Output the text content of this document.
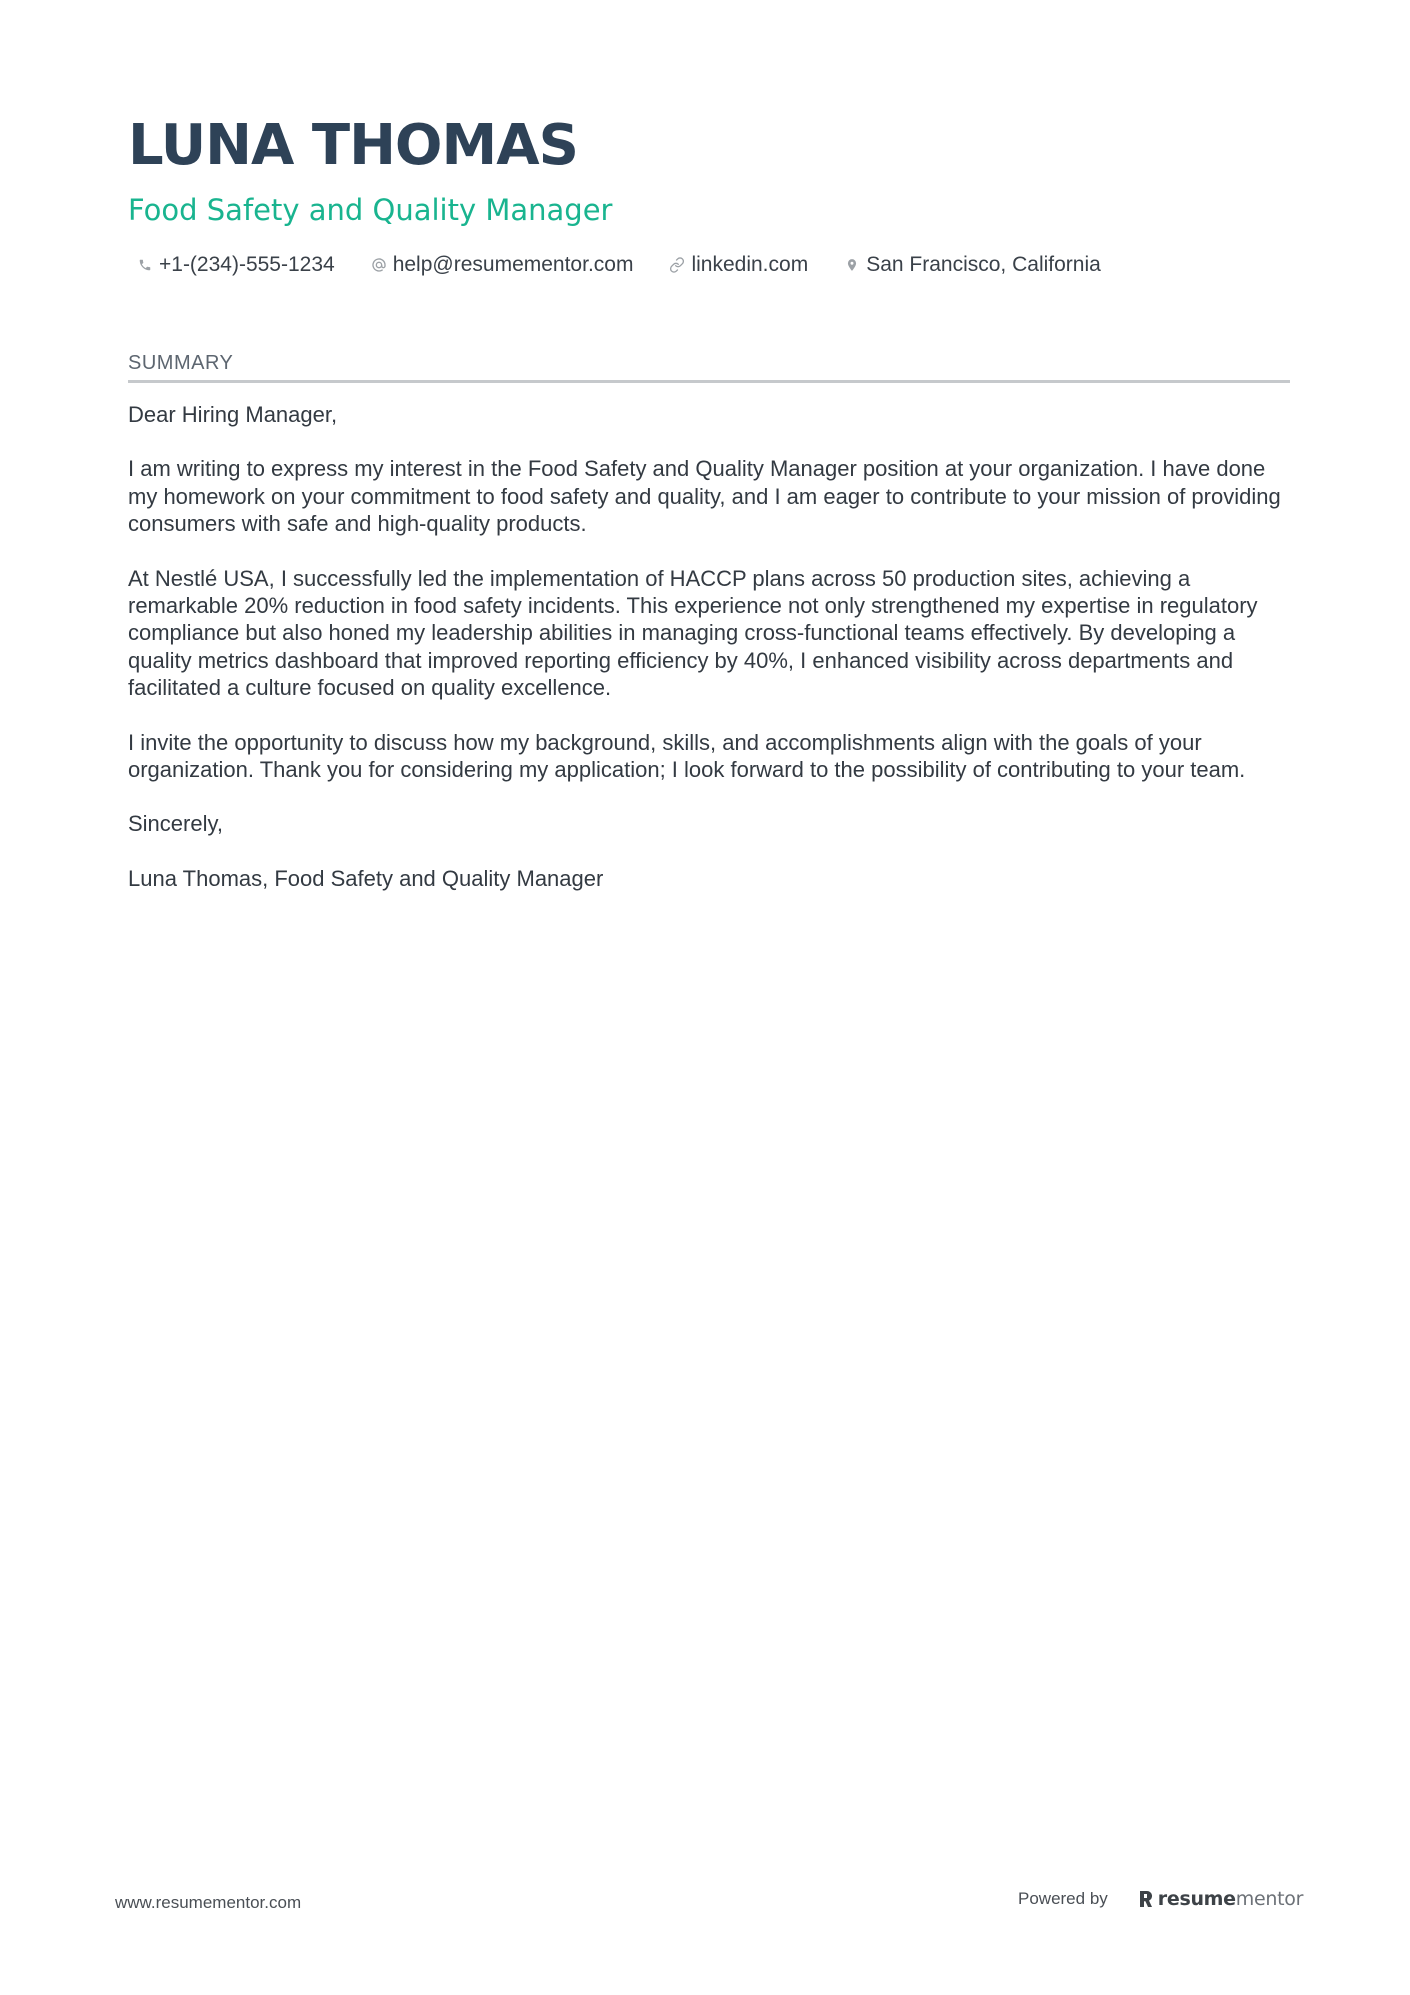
LUNA THOMAS
Food Safety and Quality Manager
+1-(234)-555-1234	help@resumementor.com	linkedin.com	San Francisco, California
SUMMARY

Dear Hiring Manager,

I am writing to express my interest in the Food Safety and Quality Manager position at your organization. I have done my homework on your commitment to food safety and quality, and I am eager to contribute to your mission of providing consumers with safe and high-quality products.

At Nestlé USA, I successfully led the implementation of HACCP plans across 50 production sites, achieving a remarkable 20% reduction in food safety incidents. This experience not only strengthened my expertise in regulatory compliance but also honed my leadership abilities in managing cross-functional teams effectively. By developing a quality metrics dashboard that improved reporting efficiency by 40%, I enhanced visibility across departments and facilitated a culture focused on quality excellence.

I invite the opportunity to discuss how my background, skills, and accomplishments align with the goals of your organization. Thank you for considering my application; I look forward to the possibility of contributing to your team.

Sincerely,

Luna Thomas, Food Safety and Quality Manager

www.resumementor.com	Powered by	resume mentor
